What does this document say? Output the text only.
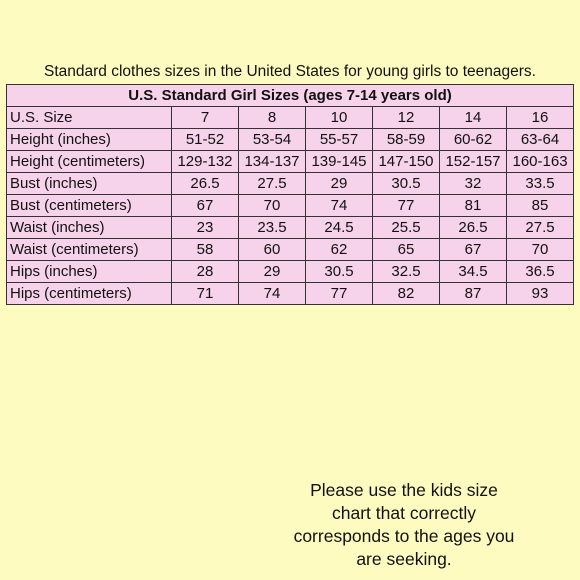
Standard clothes sizes in the United States for young girls to teenagers.
U.S. Standard Girl Sizes (ages 7-14 years old)						
U.S. Size	7	8	10	12	14	16
Height (inches)	51-52	53-54	55-57	58-59	60-62	63-64
Height (centimeters)	129-132	134-137	139-145	147-150	152-157	160-163
Bust (inches)	26.5	27.5	29	30.5	32	33.5
Bust (centimeters)	67	70	74	77	81	85
Waist (inches)	23	23.5	24.5	25.5	26.5	27.5
Waist (centimeters)	58	60	62	65	67	70
Hips (inches)	28	29	30.5	32.5	34.5	36.5
Hips (centimeters)	71	74	77	82	87	93
Please use the kids size chart that correctly corresponds to the ages you are seeking.
